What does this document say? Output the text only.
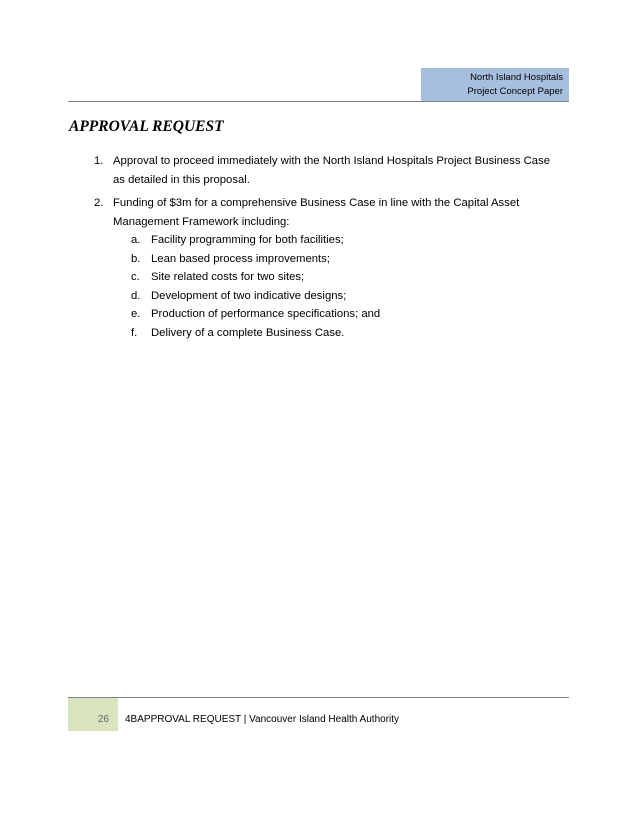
North Island Hospitals
Project Concept Paper
APPROVAL REQUEST
1. Approval to proceed immediately with the North Island Hospitals Project Business Case
as detailed in this proposal.
2. Funding of $3m for a comprehensive Business Case in line with the Capital Asset
Management Framework including:
a. Facility programming for both facilities;
b. Lean based process improvements;
c. Site related costs for two sites;
d. Development of two indicative designs;
e. Production of performance specifications; and
f. Delivery of a complete Business Case.
26	4BAPPROVAL REQUEST | Vancouver Island Health Authority
